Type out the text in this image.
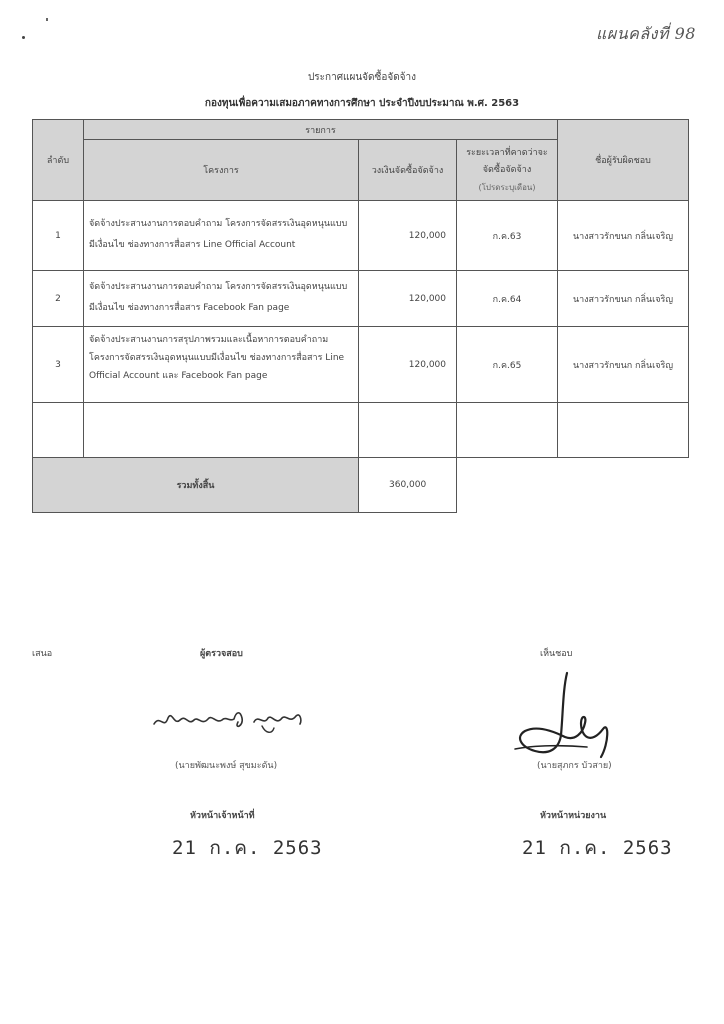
แผนคลังที่ 98
ประกาศแผนจัดซื้อจัดจ้าง
กองทุนเพื่อความเสมอภาคทางการศึกษา ประจำปีงบประมาณ พ.ศ. 2563
ลำดับ	รายการ			ชื่อผู้รับผิดชอบ
	โครงการ	วงเงินจัดซื้อจัดจ้าง	ระยะเวลาที่คาดว่าจะจัดซื้อจัดจ้าง
(โปรดระบุเดือน)	

1	จัดจ้างประสานงานการตอบคำถาม โครงการจัดสรรเงินอุดหนุนแบบมีเงื่อนไข ช่องทางการสื่อสาร Line Official Account	120,000	ก.ค.63	นางสาวรักขนก กลิ่นเจริญ
2	จัดจ้างประสานงานการตอบคำถาม โครงการจัดสรรเงินอุดหนุนแบบมีเงื่อนไข ช่องทางการสื่อสาร Facebook Fan page	120,000	ก.ค.64	นางสาวรักขนก กลิ่นเจริญ
3	จัดจ้างประสานงานการสรุปภาพรวมและเนื้อหาการตอบคำถาม โครงการจัดสรรเงินอุดหนุนแบบมีเงื่อนไข ช่องทางการสื่อสาร Line Official Account และ Facebook Fan page	120,000	ก.ค.65	นางสาวรักขนก กลิ่นเจริญ

รวมทั้งสิ้น		360,000		
เสนอ	ผู้ตรวจสอบ	เห็นชอบ
(นายพัฒนะพงษ์ สุขมะดัน)	(นายสุภกร บัวสาย)
หัวหน้าเจ้าหน้าที่	หัวหน้าหน่วยงาน
21 ก.ค. 2563	21 ก.ค. 2563
